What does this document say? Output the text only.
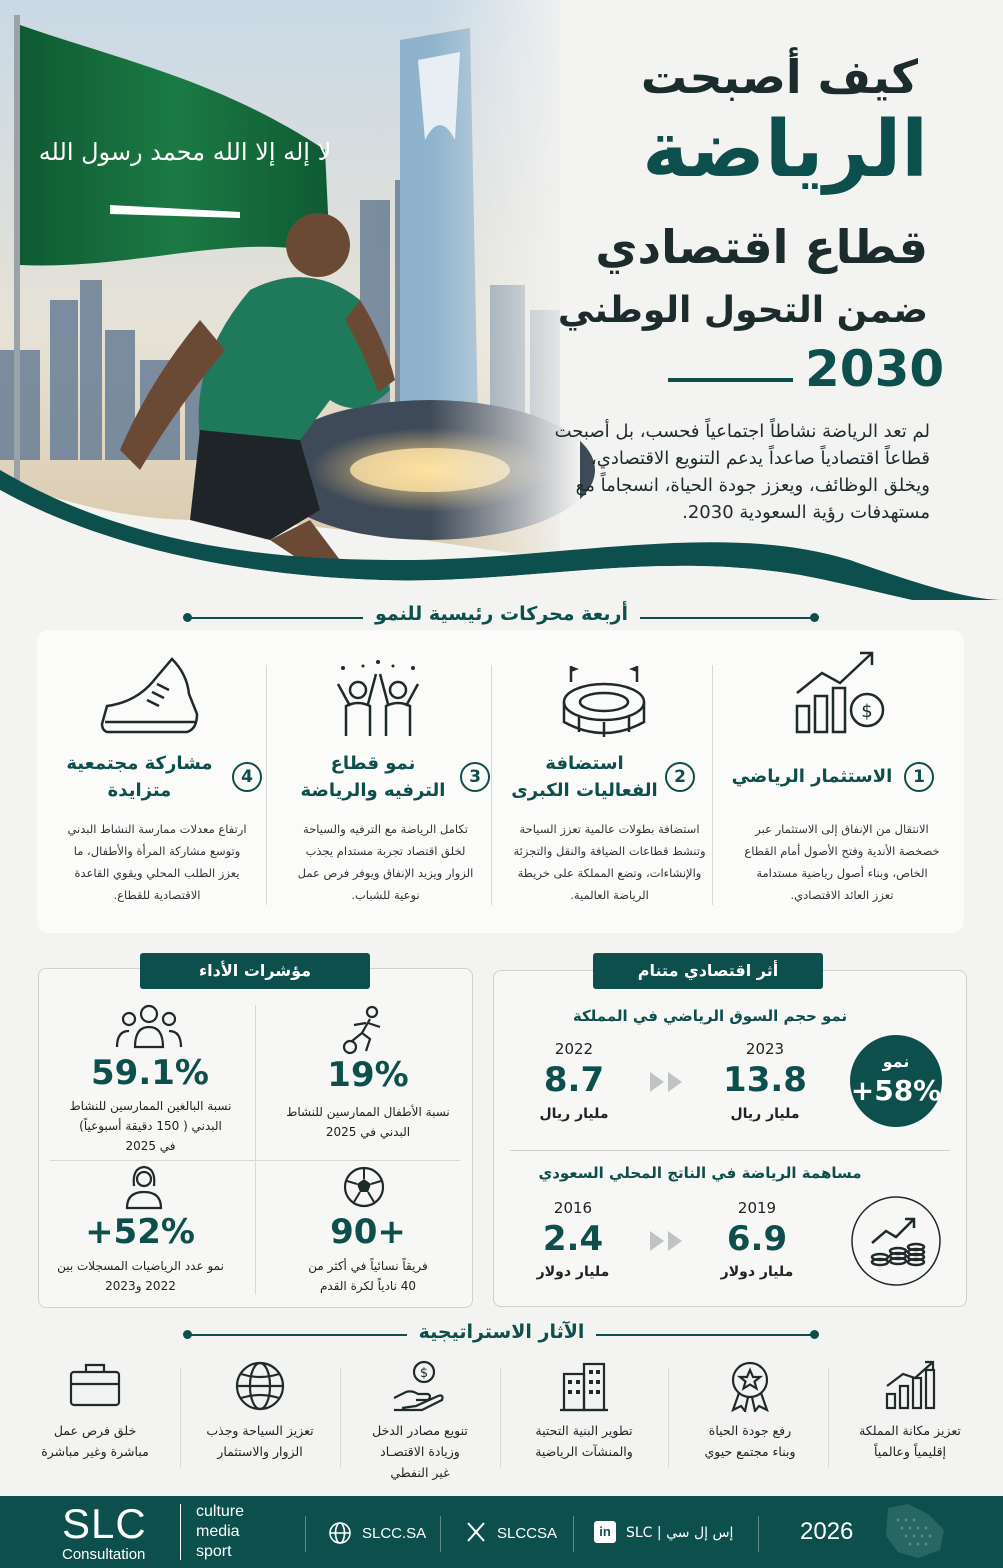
لا إله إلا الله محمد رسول الله
كيف أصبحت
الرياضة
قطاع اقتصادي
ضمن التحول الوطني
2030
لم تعد الرياضة نشاطاً اجتماعياً فحسب، بل أصبحت
قطاعاً اقتصادياً صاعداً يدعم التنويع الاقتصادي،
ويخلق الوظائف، ويعزز جودة الحياة، انسجاماً مع
مستهدفات رؤية السعودية 2030.
أربعة محركات رئيسية للنمو
$
1
الاستثمار الرياضي
الانتقال من الإنفاق إلى الاستثمار عبر
خصخصة الأندية وفتح الأصول أمام القطاع
الخاص، وبناء أصول رياضية مستدامة
تعزز العائد الاقتصادي.
2
استضافة
الفعاليات الكبرى
استضافة بطولات عالمية تعزز السياحة
وتنشط قطاعات الضيافة والنقل والتجزئة
والإنشاءات، وتضع المملكة على خريطة
الرياضة العالمية.
3
نمو قطاع
الترفيه والرياضة
تكامل الرياضة مع الترفيه والسياحة
لخلق اقتصاد تجربة مستدام يجذب
الزوار ويزيد الإنفاق ويوفر فرص عمل
نوعية للشباب.
4
مشاركة مجتمعية
متزايدة
ارتفاع معدلات ممارسة النشاط البدني
وتوسع مشاركة المرأة والأطفال، ما
يعزز الطلب المحلي ويقوي القاعدة
الاقتصادية للقطاع.
أثر اقتصادي متنام
نمو حجم السوق الرياضي في المملكة
نمو
+58%
2023
13.8
مليار ريال
2022
8.7
مليار ريال
مساهمة الرياضة في الناتج المحلي السعودي
2019
6.9
مليار دولار
2016
2.4
مليار دولار
مؤشرات الأداء
19%
نسبة الأطفال الممارسين للنشاط
البدني في 2025
59.1%
نسبة البالغين الممارسين للنشاط
البدني ( 150 دقيقة أسبوعياً)
في 2025
90+
فريقاً نسائياً في أكثر من
40 نادياً لكرة القدم
+52%
نمو عدد الرياضيات المسجلات بين
2022 و2023
الآثار الاستراتيجية
تعزيز مكانة المملكة
إقليمياً وعالمياً
رفع جودة الحياة
وبناء مجتمع حيوي
تطوير البنية التحتية
والمنشآت الرياضية
$
تنويع مصادر الدخل
وزيادة الاقتصـاد
غير النفطي
تعزيز السياحة وجذب
الزوار والاستثمار
خلق فرص عمل
مباشرة وغير مباشرة
SLC
Consultation
culture
media
sport
SLCC.SA	SLCCSA	in	SLC | إس إل سي	2026
